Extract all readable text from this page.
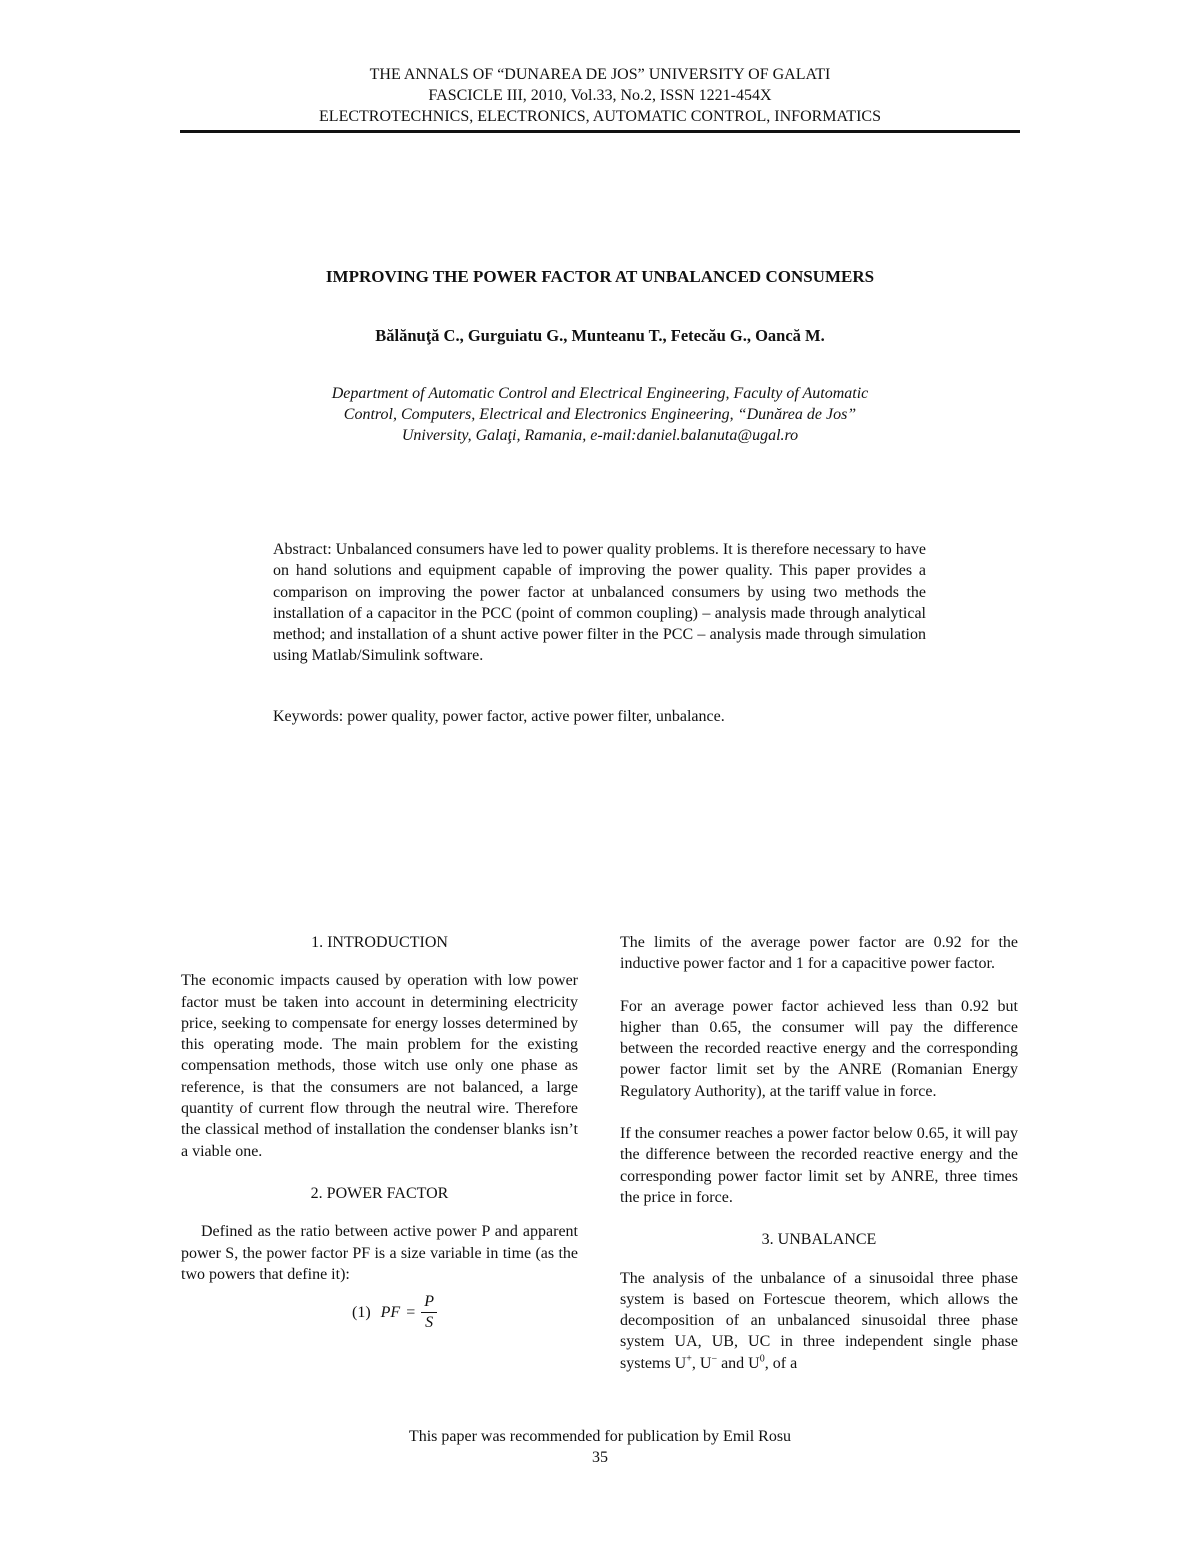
THE ANNALS OF “DUNAREA DE JOS” UNIVERSITY OF GALATI
FASCICLE III, 2010, Vol.33, No.2, ISSN 1221-454X
ELECTROTECHNICS, ELECTRONICS, AUTOMATIC CONTROL, INFORMATICS
IMPROVING THE POWER FACTOR AT UNBALANCED CONSUMERS
Bălănuţă C., Gurguiatu G., Munteanu T., Fetecău G., Oancă M.
Department of Automatic Control and Electrical Engineering, Faculty of Automatic
Control, Computers, Electrical and Electronics Engineering, “Dunărea de Jos”
University, Galaţi, Ramania, e-mail:daniel.balanuta@ugal.ro

Abstract: Unbalanced consumers have led to power quality problems. It is therefore necessary to have on hand solutions and equipment capable of improving the power quality. This paper provides a comparison on improving the power factor at unbalanced consumers by using two methods the installation of a capacitor in the PCC (point of common coupling) – analysis made through analytical method; and installation of a shunt active power filter in the PCC – analysis made through simulation using Matlab/Simulink software.

Keywords: power quality, power factor, active power filter, unbalance.

1. INTRODUCTION

The economic impacts caused by operation with low power factor must be taken into account in determining electricity price, seeking to compensate for energy losses determined by this operating mode. The main problem for the existing compensation methods, those witch use only one phase as reference, is that the consumers are not balanced, a large quantity of current flow through the neutral wire. Therefore the classical method of installation the condenser blanks isn’t a viable one.

2. POWER FACTOR

Defined as the ratio between active power P and apparent power S, the power factor PF is a size variable in time (as the two powers that define it):

(1) PF = $\frac{P}{S}$

The limits of the average power factor are 0.92 for the inductive power factor and 1 for a capacitive power factor.

For an average power factor achieved less than 0.92 but higher than 0.65, the consumer will pay the difference between the recorded reactive energy and the corresponding power factor limit set by the ANRE (Romanian Energy Regulatory Authority), at the tariff value in force.

If the consumer reaches a power factor below 0.65, it will pay the difference between the recorded reactive energy and the corresponding power factor limit set by ANRE, three times the price in force.

3. UNBALANCE

The analysis of the unbalance of a sinusoidal three phase system is based on Fortescue theorem, which allows the decomposition of an unbalanced sinusoidal three phase system UA, UB, UC in three independent single phase systems U+, U− and $U^0$, of a

This paper was recommended for publication by Emil Rosu
35
